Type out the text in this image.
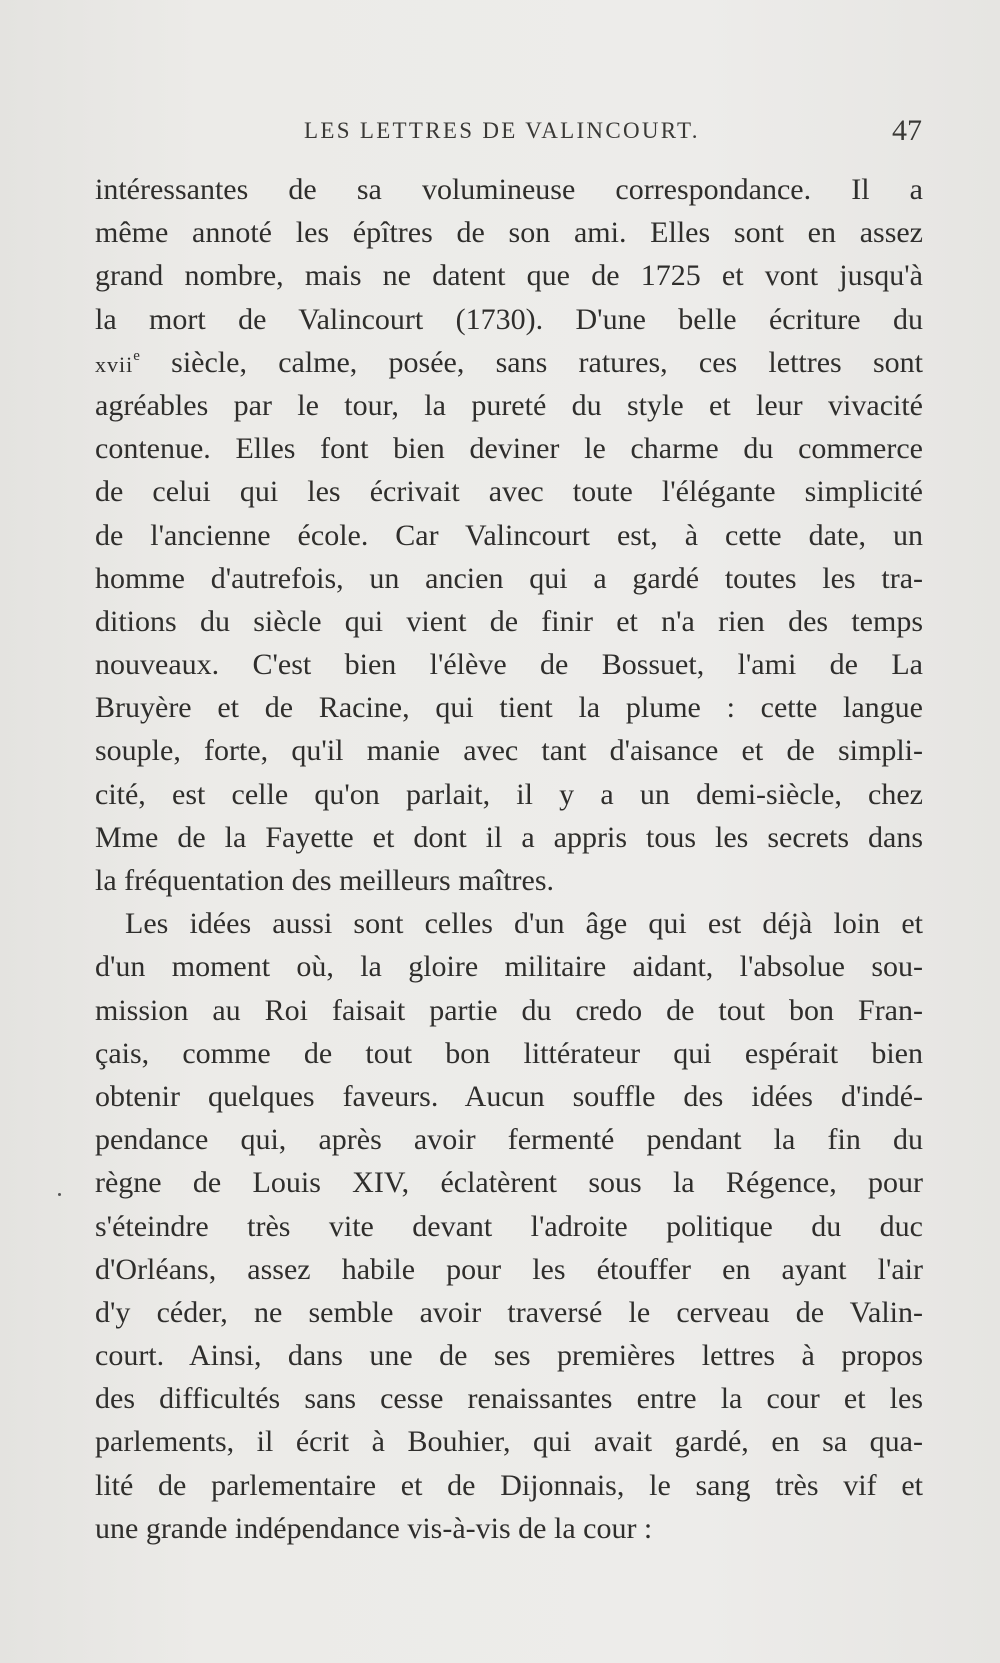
LES LETTRES DE VALINCOURT.	47
intéressantes de sa volumineuse correspondance. Il a
même annoté les épîtres de son ami. Elles sont en assez
grand nombre, mais ne datent que de 1725 et vont jusqu'à
la mort de Valincourt (1730). D'une belle écriture du
xvii$^e$ siècle, calme, posée, sans ratures, ces lettres sont
agréables par le tour, la pureté du style et leur vivacité
contenue. Elles font bien deviner le charme du commerce
de celui qui les écrivait avec toute l'élégante simplicité
de l'ancienne école. Car Valincourt est, à cette date, un
homme d'autrefois, un ancien qui a gardé toutes les tra-
ditions du siècle qui vient de finir et n'a rien des temps
nouveaux. C'est bien l'élève de Bossuet, l'ami de La
Bruyère et de Racine, qui tient la plume : cette langue
souple, forte, qu'il manie avec tant d'aisance et de simpli-
cité, est celle qu'on parlait, il y a un demi-siècle, chez
Mme de la Fayette et dont il a appris tous les secrets dans
la fréquentation des meilleurs maîtres.
Les idées aussi sont celles d'un âge qui est déjà loin et
d'un moment où, la gloire militaire aidant, l'absolue sou-
mission au Roi faisait partie du credo de tout bon Fran-
çais, comme de tout bon littérateur qui espérait bien
obtenir quelques faveurs. Aucun souffle des idées d'indé-
pendance qui, après avoir fermenté pendant la fin du
règne de Louis XIV, éclatèrent sous la Régence, pour
s'éteindre très vite devant l'adroite politique du duc
d'Orléans, assez habile pour les étouffer en ayant l'air
d'y céder, ne semble avoir traversé le cerveau de Valin-
court. Ainsi, dans une de ses premières lettres à propos
des difficultés sans cesse renaissantes entre la cour et les
parlements, il écrit à Bouhier, qui avait gardé, en sa qua-
lité de parlementaire et de Dijonnais, le sang très vif et
une grande indépendance vis-à-vis de la cour :
